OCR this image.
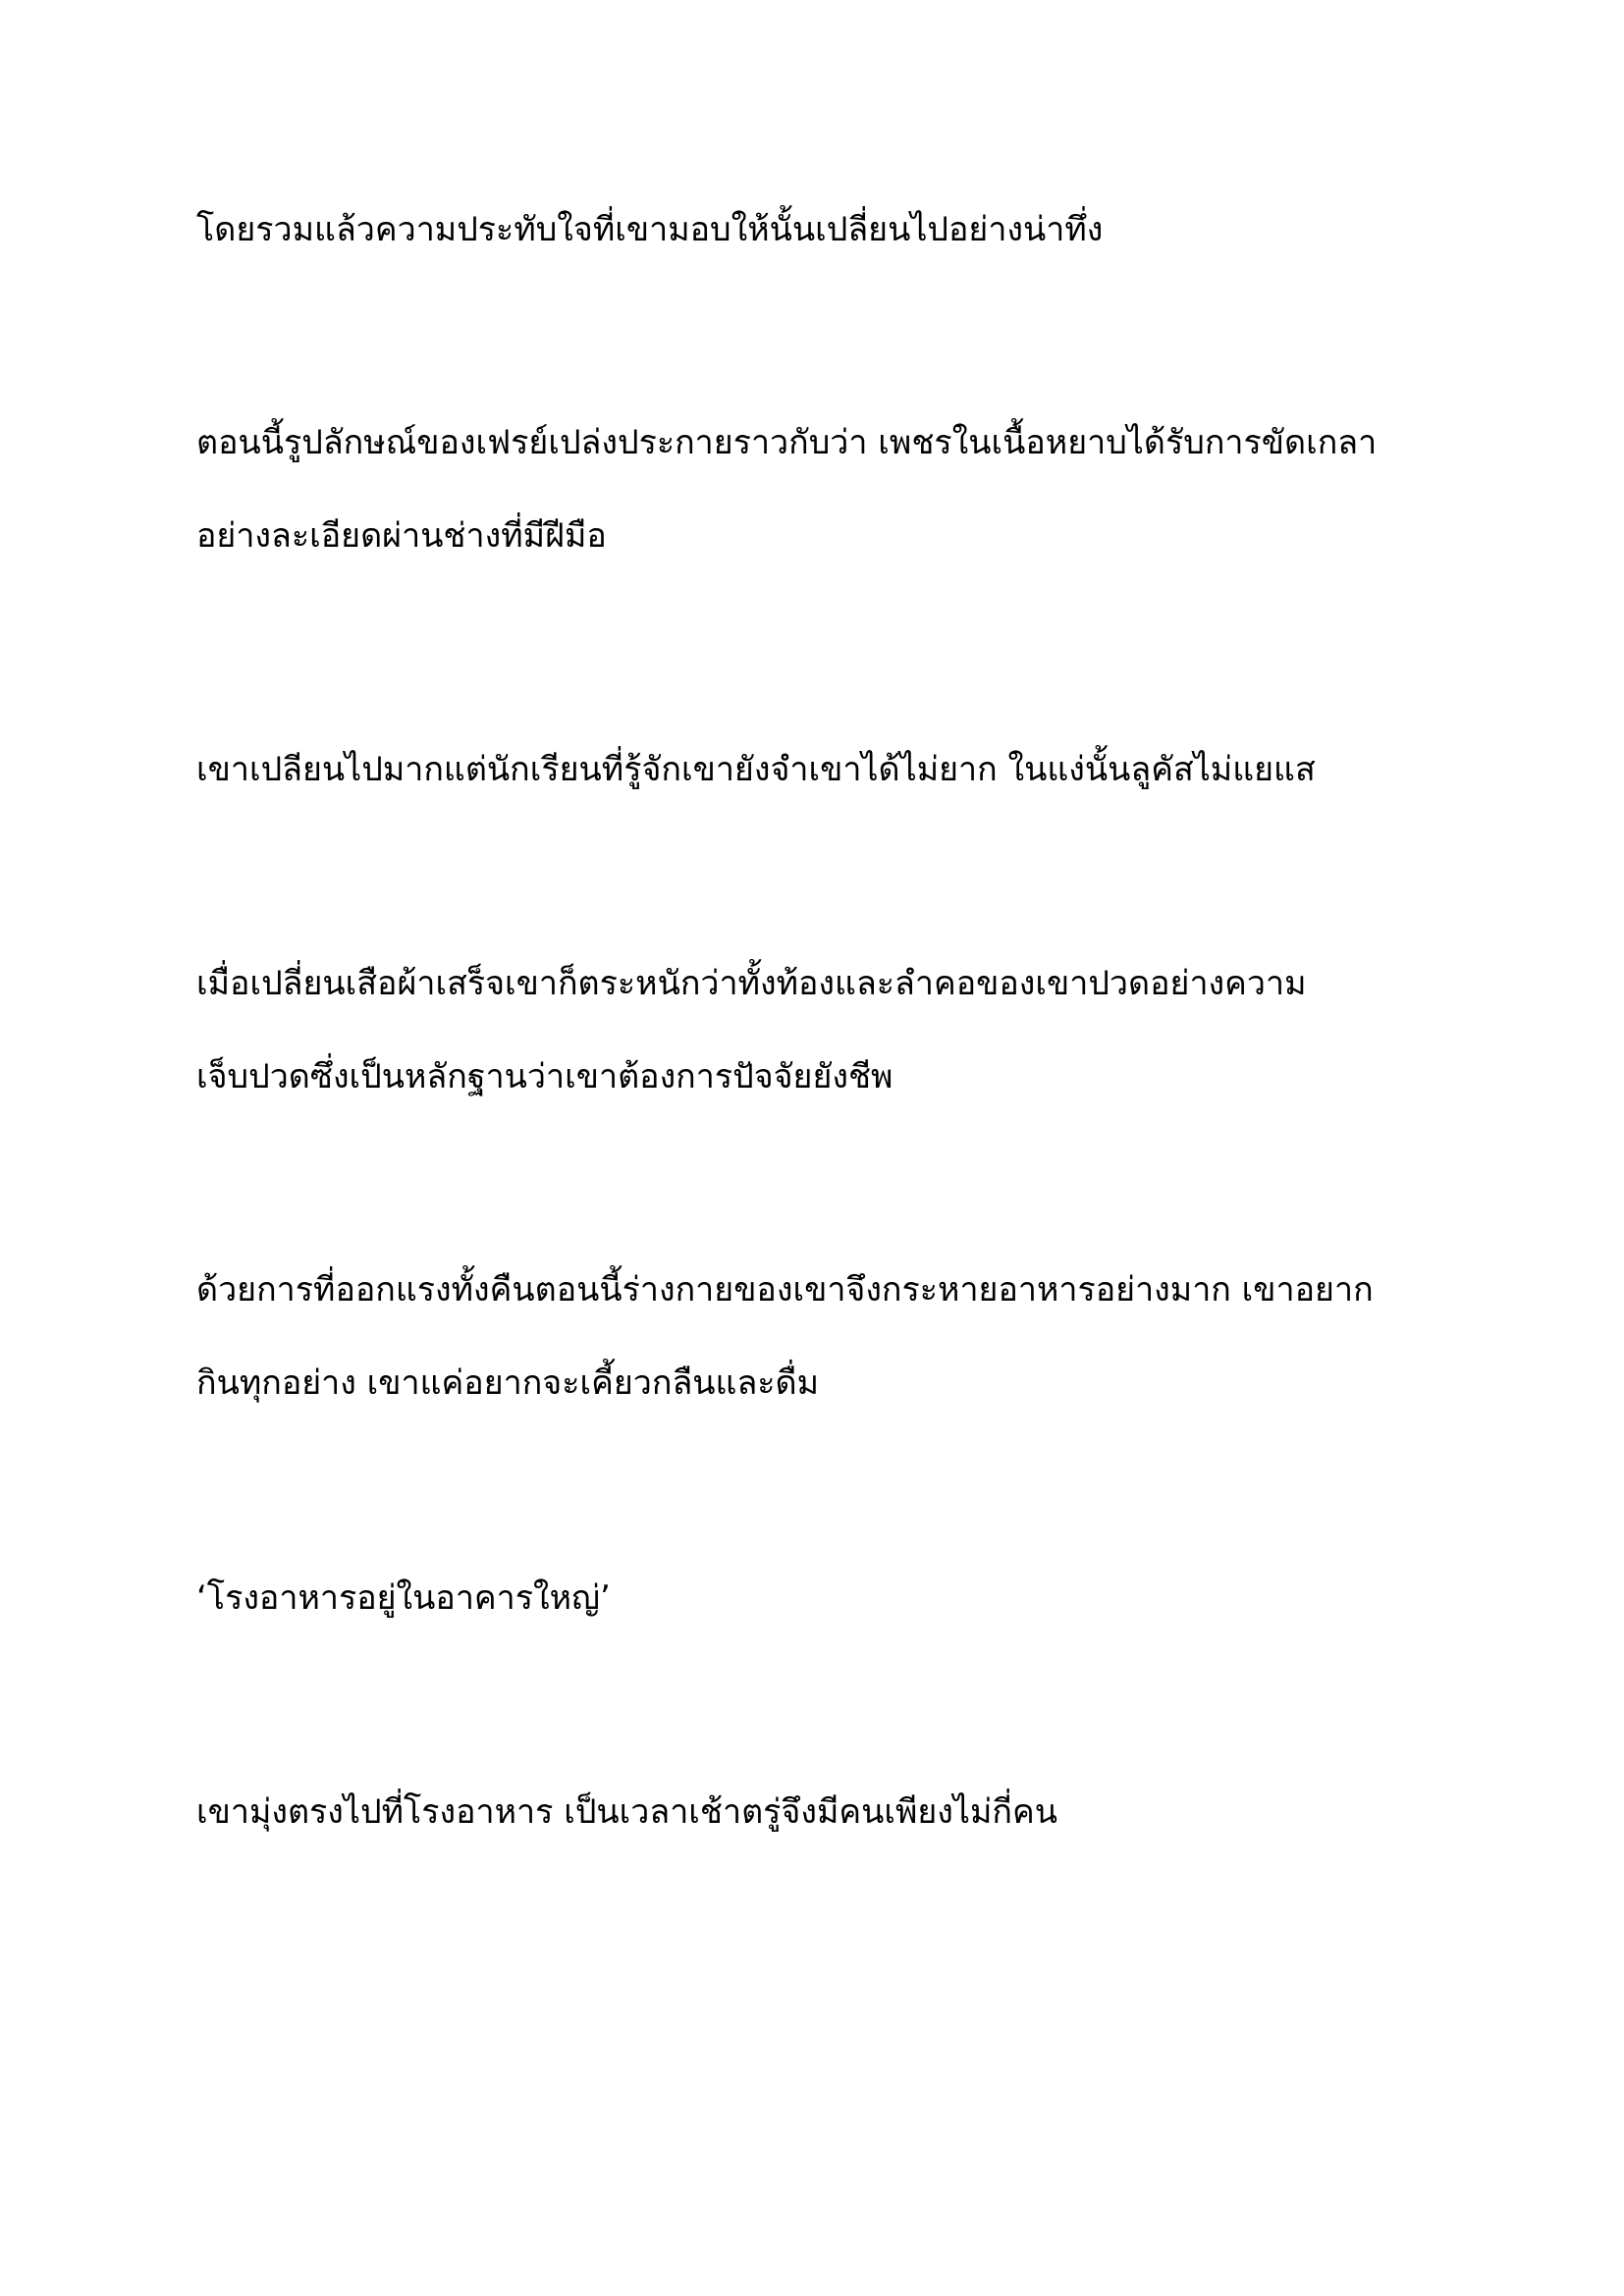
โดยรวมแล้วความประทับใจที่เขามอบให้นั้นเปลี่ยนไปอย่างน่าทึ่ง

ตอนนี้รูปลักษณ์ของเฟรย์เปล่งประกายราวกับว่า เพชรในเนื้อหยาบได้รับการขัดเกลา

อย่างละเอียดผ่านช่างที่มีฝีมือ

เขาเปลียนไปมากแต่นักเรียนที่รู้จักเขายังจำเขาได้ไม่ยาก ในแง่นั้นลูคัสไม่แยแส

เมื่อเปลี่ยนเสือผ้าเสร็จเขาก็ตระหนักว่าทั้งท้องและลำคอของเขาปวดอย่างความ

เจ็บปวดซึ่งเป็นหลักฐานว่าเขาต้องการปัจจัยยังชีพ

ด้วยการที่ออกแรงทั้งคืนตอนนี้ร่างกายของเขาจึงกระหายอาหารอย่างมาก เขาอยาก

กินทุกอย่าง เขาแค่อยากจะเคี้ยวกลืนและดื่ม

‘โรงอาหารอยู่ในอาคารใหญ่’

เขามุ่งตรงไปที่โรงอาหาร เป็นเวลาเช้าตรู่จึงมีคนเพียงไม่กี่คน
